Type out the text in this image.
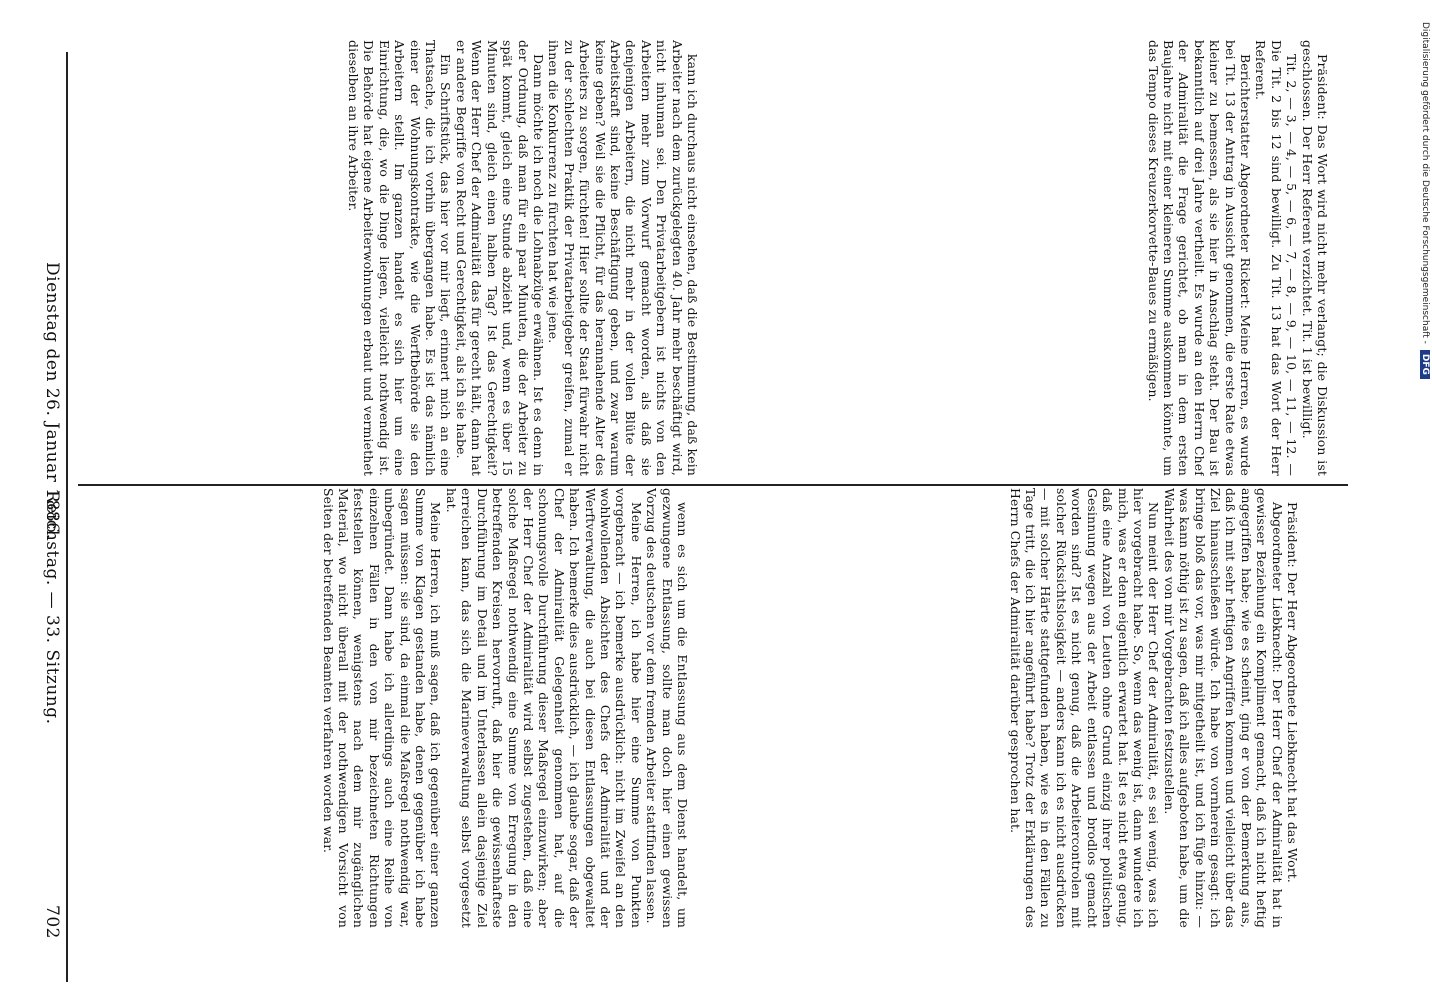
702
Reichstag. — 33. Sitzung.
Dienstag den 26. Januar 1886.

wenn es sich um die Entlassung aus dem Dienst handelt, um gezwungene Entlassung, sollte man doch hier einen gewissen Vorzug des deutschen vor dem fremden Arbeiter stattfinden lassen.

Meine Herren, ich habe hier eine Summe von Punkten vorgebracht — ich bemerke ausdrücklich: nicht im Zweifel an den wohlwollenden Absichten des Chefs der Admiralität und der Werftverwaltung, die auch bei diesen Entlassungen obgewaltet haben. Ich bemerke dies ausdrücklich, — ich glaube sogar, daß der Chef der Admiralität Gelegenheit genommen hat, auf die schonungsvolle Durchführung dieser Maßregel einzuwirken; aber der Herr Chef der Admiralität wird selbst zugestehen, daß eine solche Maßregel nothwendig eine Summe von Erregung in den betreffenden Kreisen hervorruft, daß hier die gewissenhafteste Durchführung im Detail und im Unterlassen allein dasjenige Ziel erreichen kann, das sich die Marineverwaltung selbst vorgesetzt hat.

Meine Herren, ich muß sagen, daß ich gegenüber einer ganzen Summe von Klagen gestanden habe, denen gegenüber ich habe sagen müssen: sie sind, da einmal die Maßregel nothwendig war, unbegründet. Dann habe ich allerdings auch eine Reihe von einzelnen Fällen in den von mir bezeichneten Richtungen feststellen können, wenigstens nach dem mir zugänglichen Material, wo nicht überall mit der nothwendigen Vorsicht von Seiten der betreffenden Beamten verfahren worden war.	Präsident: Der Herr Abgeordnete Liebknecht hat das Wort.

Abgeordneter Liebknecht: Der Herr Chef der Admiralität hat in gewisser Beziehung ein Kompliment gemacht, daß ich nicht heftig angegriffen habe; wie es scheint, ging er von der Bemerkung aus, daß ich mit sehr heftigen Angriffen kommen und vielleicht über das Ziel hinausschießen würde. Ich habe von vornherein gesagt: ich bringe bloß das vor, was mir mitgetheilt ist, und ich füge hinzu: — was kann nöthig ist zu sagen, daß ich alles aufgeboten habe, um die Wahrheit des von mir Vorgebrachten festzustellen.

Nun meint der Herr Chef der Admiralität, es sei wenig, was ich hier vorgebracht habe. So, wenn das wenig ist, dann wundere ich mich, was er denn eigentlich erwartet hat. Ist es nicht etwa genug, daß eine Anzahl von Leuten ohne Grund einzig ihrer politischen Gesinnung wegen aus der Arbeit entlassen und brodlos gemacht worden sind? Ist es nicht genug, daß die Arbeitercontrolen mit solcher Rücksichtslosigkeit — anders kann ich es nicht ausdrücken — mit solcher Härte stattgefunden haben, wie es in den Fällen zu Tage tritt, die ich hier angeführt habe? Trotz der Erklärungen des Herrn Chefs der Admiralität darüber gesprochen hat.

kann ich durchaus nicht einsehen, daß die Bestimmung, daß kein Arbeiter nach dem zurückgelegten 40. Jahr mehr beschäftigt wird, nicht inhuman sei. Den Privatarbeitgebern ist nichts von den Arbeitern mehr zum Vorwurf gemacht worden, als daß sie denjenigen Arbeitern, die nicht mehr in der vollen Blüte der Arbeitskraft sind, keine Beschäftigung geben, und zwar warum keine geben? Weil sie die Pflicht, für das herannahende Alter des Arbeiters zu sorgen, fürchten! Hier sollte der Staat fürwahr nicht zu der schlechten Praktik der Privatarbeitgeber greifen, zumal er ihnen die Konkurrenz zu fürchten hat wie jene.

Dann möchte ich noch die Lohnabzüge erwähnen. Ist es denn in der Ordnung, daß man für ein paar Minuten, die der Arbeiter zu spät kommt, gleich eine Stunde abzieht und, wenn es über 15 Minuten sind, gleich einen halben Tag? Ist das Gerechtigkeit? Wenn der Herr Chef der Admiralität das für gerecht hält, dann hat er andere Begriffe von Recht und Gerechtigkeit, als ich sie habe.

Ein Schriftstück, das hier vor mir liegt, erinnert mich an eine Thatsache, die ich vorhin übergangen habe. Es ist das nämlich einer der Wohnungskontrakte, wie die Werftbehörde sie den Arbeitern stellt. Im ganzen handelt es sich hier um eine Einrichtung, die, wo die Dinge liegen, vielleicht nothwendig ist. Die Behörde hat eigene Arbeiterwohnungen erbaut und vermiethet dieselben an ihre Arbeiter.	Präsident: Das Wort wird nicht mehr verlangt; die Diskussion ist geschlossen. Der Herr Referent verzichtet. Tit. 1 ist bewilligt.

Tit. 2, — 3, — 4, — 5, — 6, — 7, — 8, — 9, — 10, — 11, — 12. — Die Tit. 2 bis 12 sind bewilligt. Zu Tit. 13 hat das Wort der Herr Referent.

Berichterstatter Abgeordneter Rickert: Meine Herren, es wurde bei Tit. 13 der Antrag in Aussicht genommen, die erste Rate etwas kleiner zu bemessen, als sie hier in Anschlag steht. Der Bau ist bekanntlich auf drei Jahre vertheilt. Es wurde an den Herrn Chef der Admiralität die Frage gerichtet, ob man in dem ersten Baujahre nicht mit einer kleineren Summe auskommen könnte, um das Tempo dieses Kreuzerkorvette-Baues zu ermäßigen.	Digitalisierung gefördert durch die Deutsche Forschungsgemeinschaft -DFG
